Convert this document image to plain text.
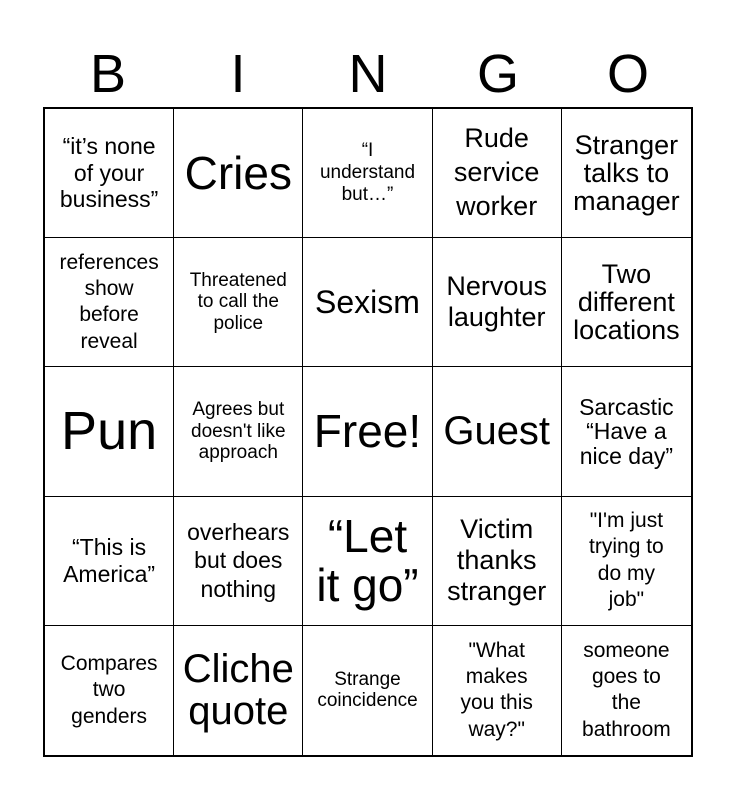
B	I	N	G	O
“it’s none
of your
business”
Cries	“I
understand
but…”
Rude
service
worker
Stranger
talks to
manager
references
show
before
reveal
Threatened
to call the
police
Sexism Nervous
laughter
Two
different
locations
Pun Agrees but
doesn't like
approach Free! Guest
Sarcastic
“Have a
nice day”
“This is
America”
overhears
but does
nothing
“Let
it go”
Victim
thanks
stranger
"I'm just
trying to
do my
job"
Compares
two
genders
Cliche
quote
Strange
coincidence
"What
makes
you this
way?"
someone
goes to
the
bathroom
